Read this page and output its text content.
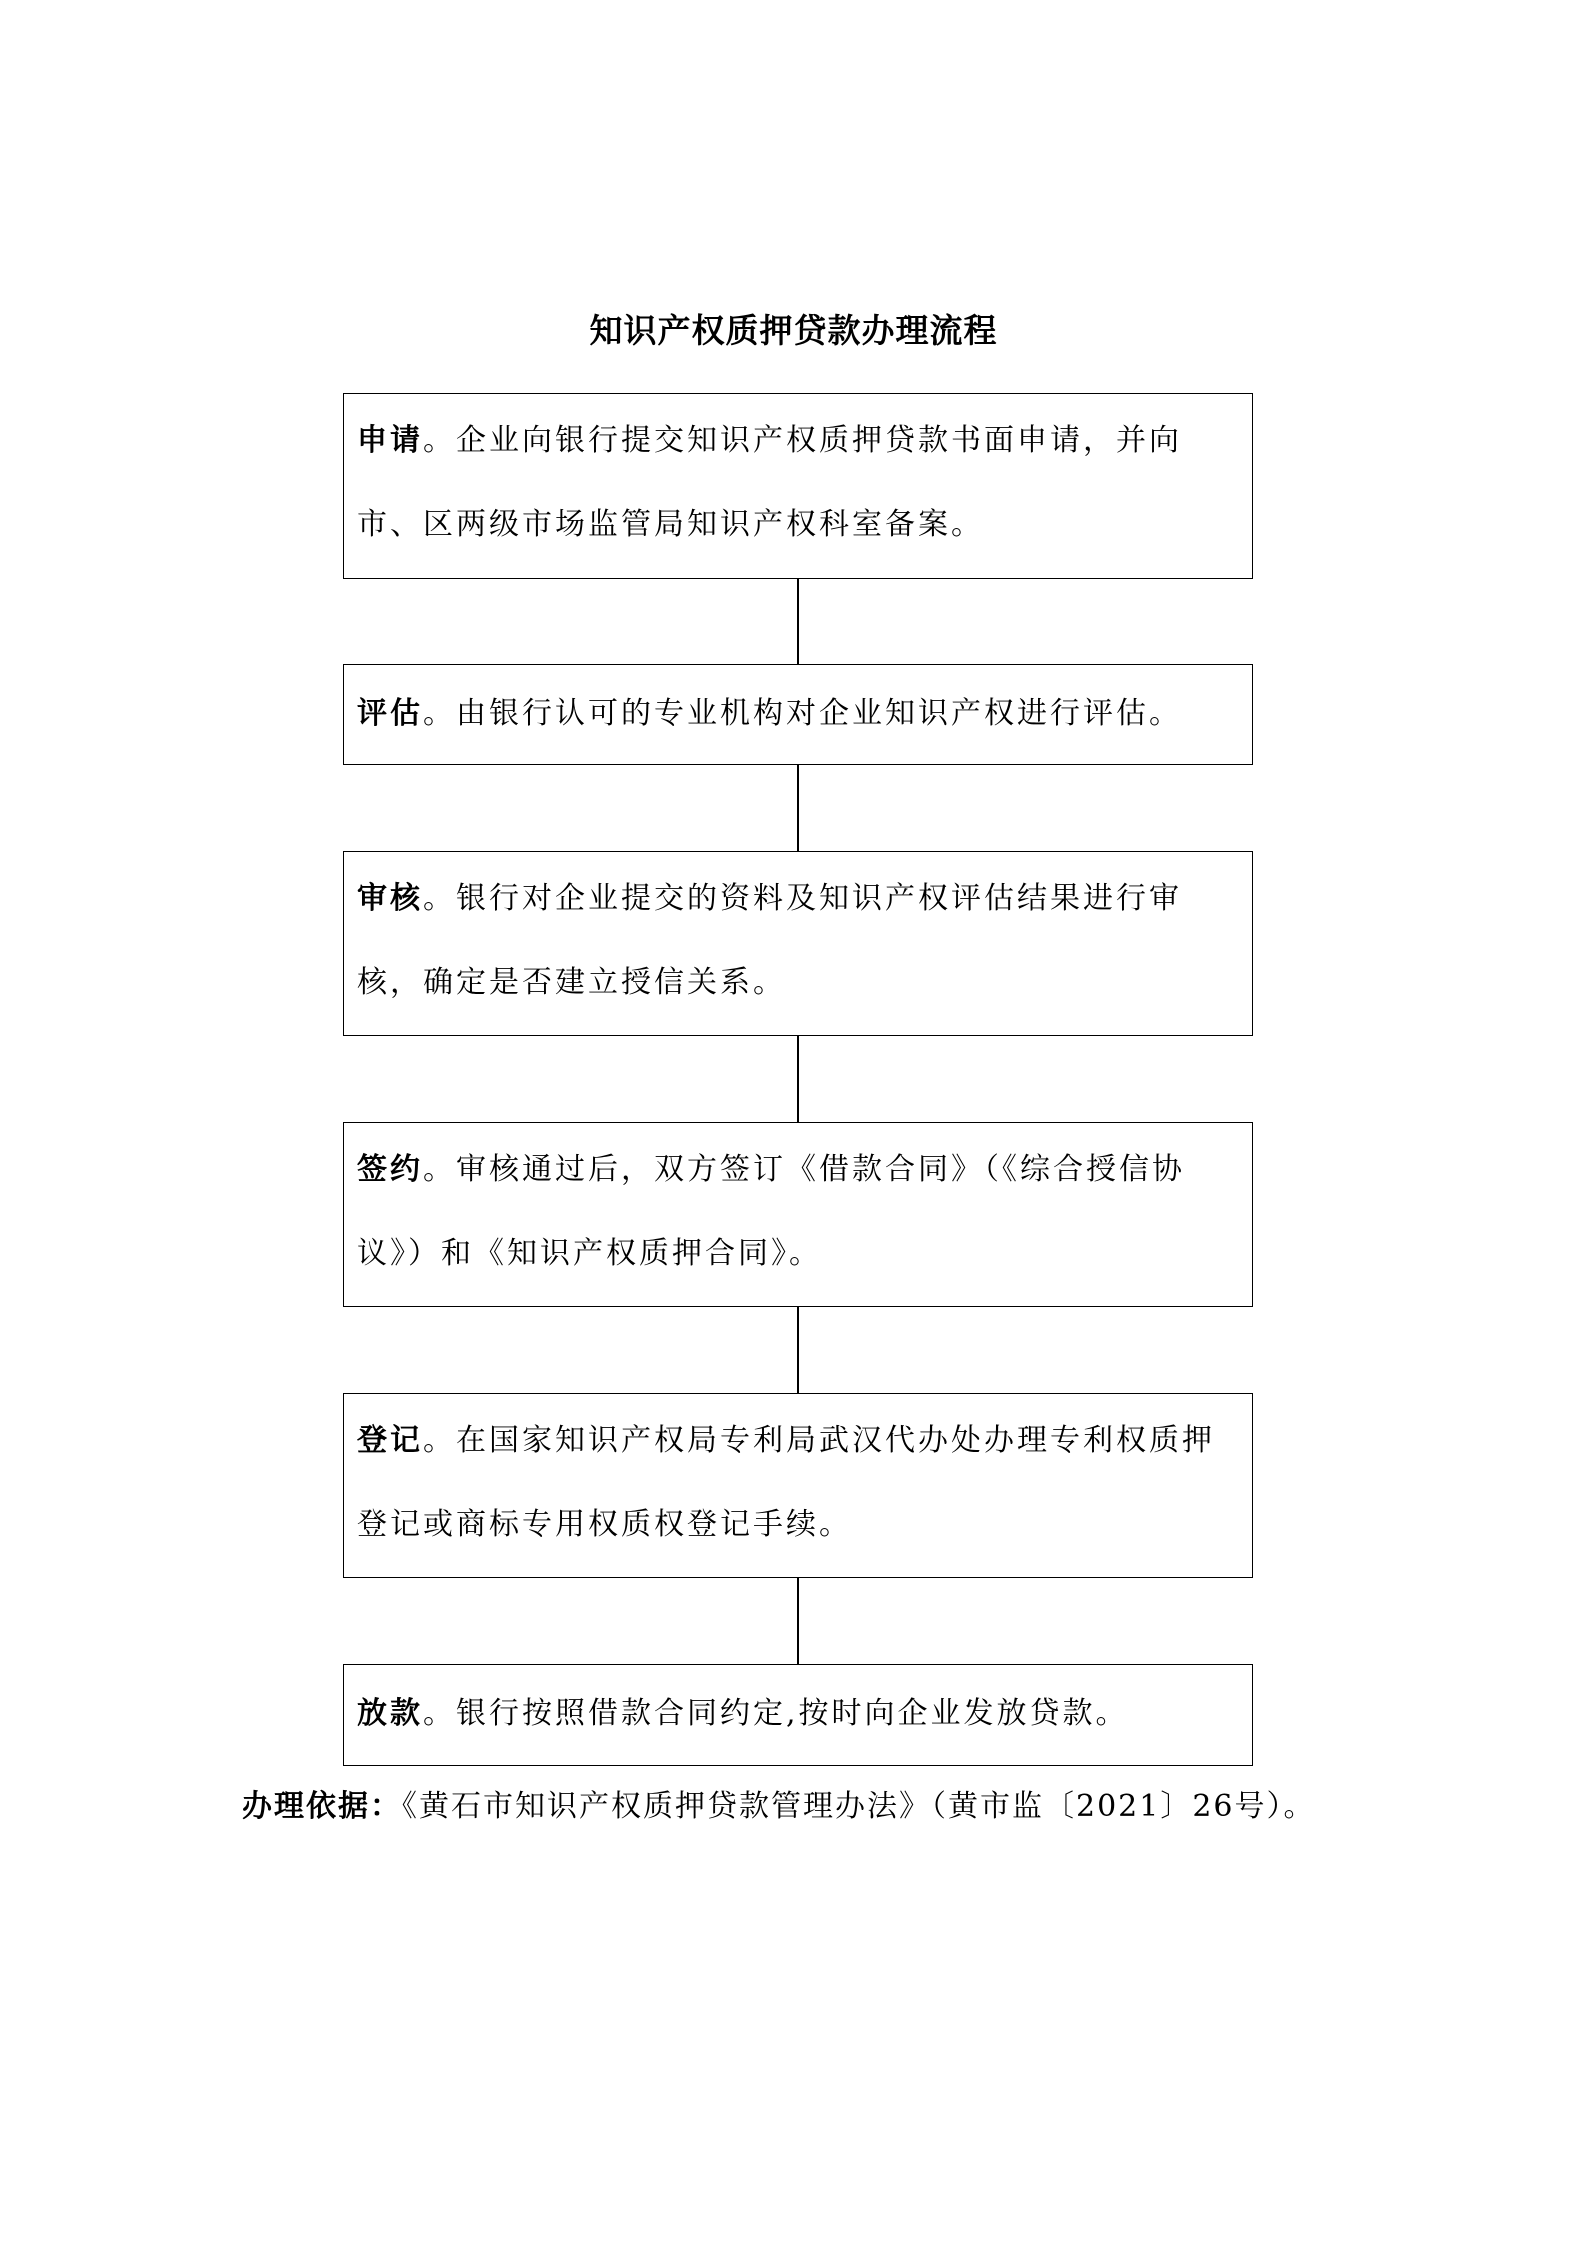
知识产权质押贷款办理流程
申请。企业向银行提交知识产权质押贷款书面申请，并向市、区两级市场监管局知识产权科室备案。
评估。由银行认可的专业机构对企业知识产权进行评估。
审核。银行对企业提交的资料及知识产权评估结果进行审核，确定是否建立授信关系。
签约。审核通过后，双方签订《借款合同》（《综合授信协议》）和《知识产权质押合同》。
登记。在国家知识产权局专利局武汉代办处办理专利权质押登记或商标专用权质权登记手续。
放款。银行按照借款合同约定,按时向企业发放贷款。
办理依据：《黄石市知识产权质押贷款管理办法》（黄市监〔2021〕26号）。
